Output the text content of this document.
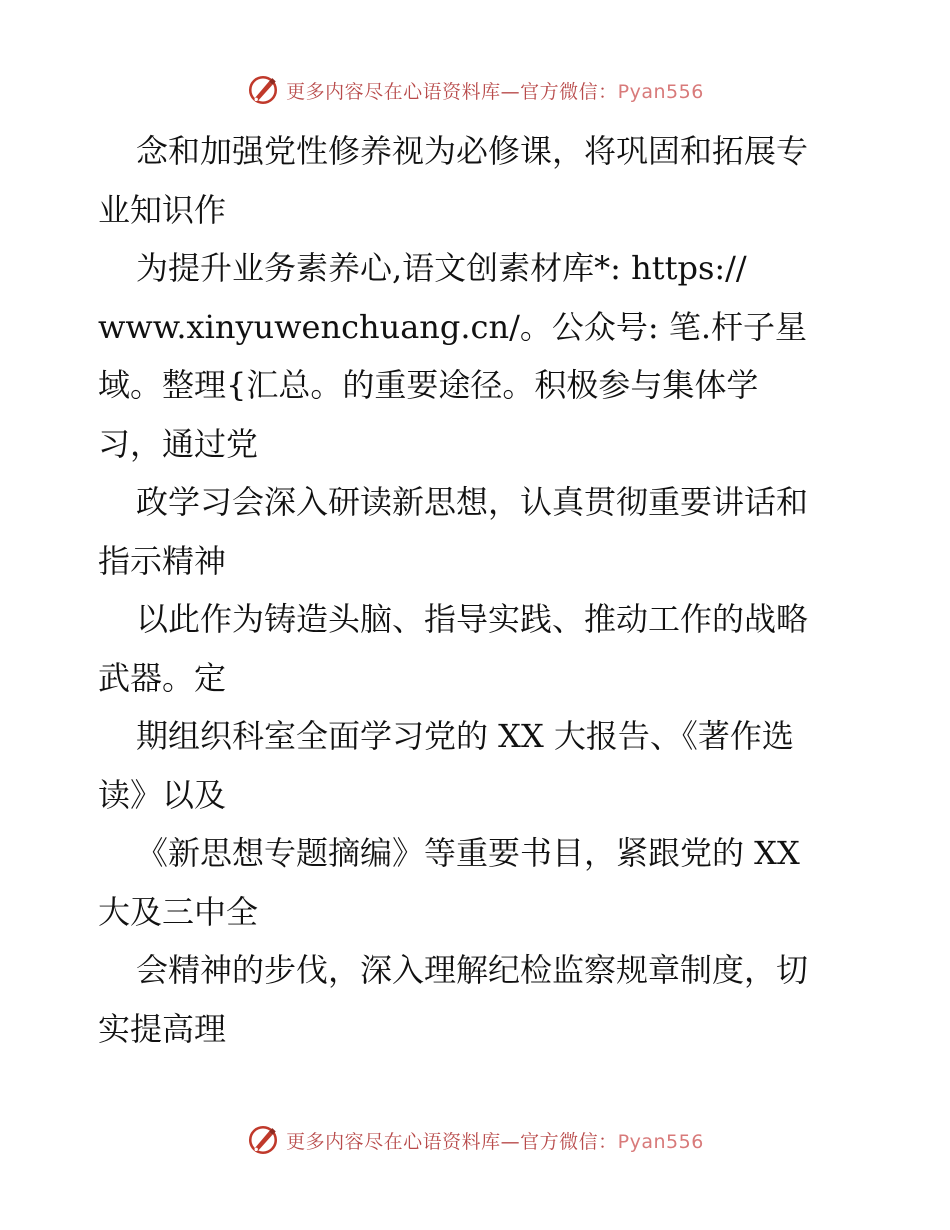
更多内容尽在心语资料库—官方微信：Pyan556
念和加强党性修养视为必修课，将巩固和拓展专
业知识作
为提升业务素养心,语文创素材库*: https://
www.xinyuwenchuang.cn/。公众号: 笔.杆子星
域。整理{汇总。的重要途径。积极参与集体学
习，通过党
政学习会深入研读新思想，认真贯彻重要讲话和
指示精神
以此作为铸造头脑、指导实践、推动工作的战略
武器。定
期组织科室全面学习党的 XX 大报告、《著作选
读》以及
《新思想专题摘编》等重要书目，紧跟党的 XX
大及三中全
会精神的步伐，深入理解纪检监察规章制度，切
实提高理
更多内容尽在心语资料库—官方微信：Pyan556
